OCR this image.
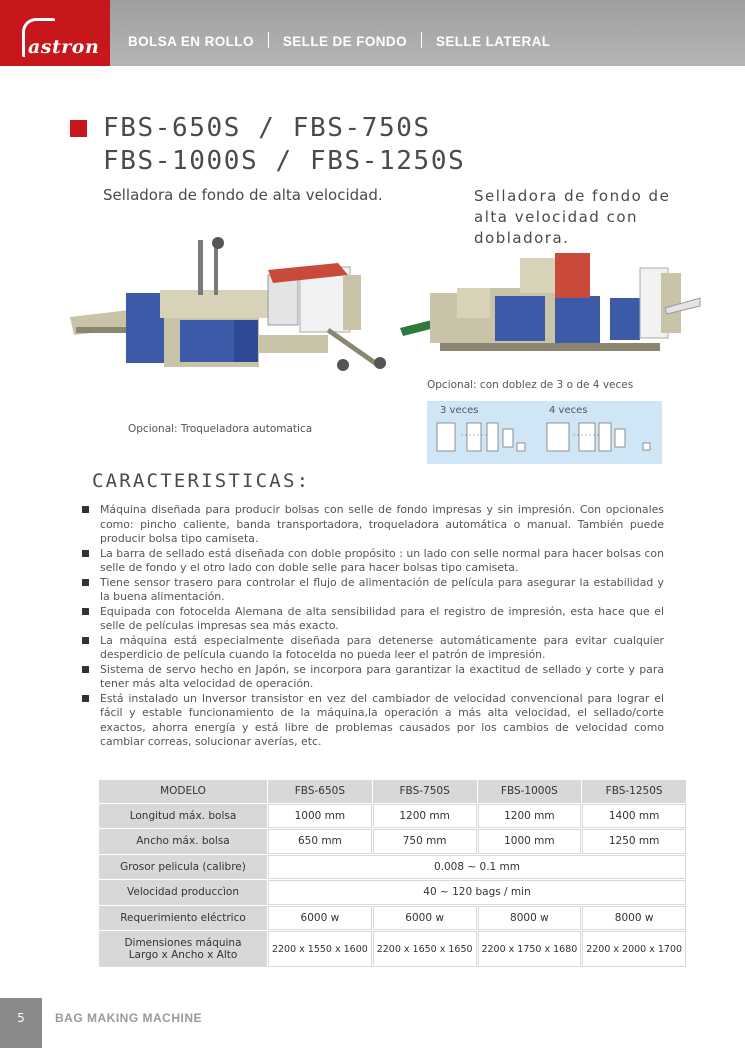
astron BOLSA EN ROLLO SELLE DE FONDO SELLE LATERAL
FBS-650S / FBS-750S
FBS-1000S / FBS-1250S
Selladora de fondo de alta velocidad.	Selladora de fondo de alta velocidad con dobladora.
Opcional: Troqueladora automatica
Opcional: con doblez de 3 o de 4 veces
3 veces	4 veces
CARACTERISTICAS:
Máquina diseñada para producir bolsas con selle de fondo impresas y sin impresión. Con opcionales como: pincho caliente, banda transportadora, troqueladora automática o manual. También puede producir bolsa tipo camiseta.
La barra de sellado está diseñada con doble propósito : un lado con selle normal para hacer bolsas con selle de fondo y el otro lado con doble selle para hacer bolsas tipo camiseta.
Tiene sensor trasero para controlar el flujo de alimentación de película para asegurar la estabilidad y la buena alimentación.
Equipada con fotocelda Alemana de alta sensibilidad para el registro de impresión, esta hace que el selle de películas impresas sea más exacto.
La máquina está especialmente diseñada para detenerse automáticamente para evitar cualquier desperdicio de película cuando la fotocelda no pueda leer el patrón de impresión.
Sistema de servo hecho en Japón, se incorpora para garantizar la exactitud de sellado y corte y para tener más alta velocidad de operación.
Está instalado un Inversor transistor en vez del cambiador de velocidad convencional para lograr el fácil y estable funcionamiento de la máquina,la operación a más alta velocidad, el sellado/corte exactos, ahorra energía y está libre de problemas causados por los cambios de velocidad como cambiar correas, solucionar averías, etc.
MODELO	FBS-650S	FBS-750S	FBS-1000S	FBS-1250S
Longitud máx. bolsa	1000 mm	1200 mm	1200 mm	1400 mm
Ancho máx. bolsa	650 mm	750 mm	1000 mm	1250 mm
Grosor pelicula (calibre)	0.008 ~ 0.1 mm			
Velocidad produccìon	40 ~ 120 bags / min			
Requerimiento eléctrico	6000 w	6000 w	8000 w	8000 w
Dimensiones máquina
Largo x Ancho x Alto	2200 x 1550 x 1600	2200 x 1650 x 1650	2200 x 1750 x 1680	2200 x 2000 x 1700
5	BAG MAKING MACHINE
